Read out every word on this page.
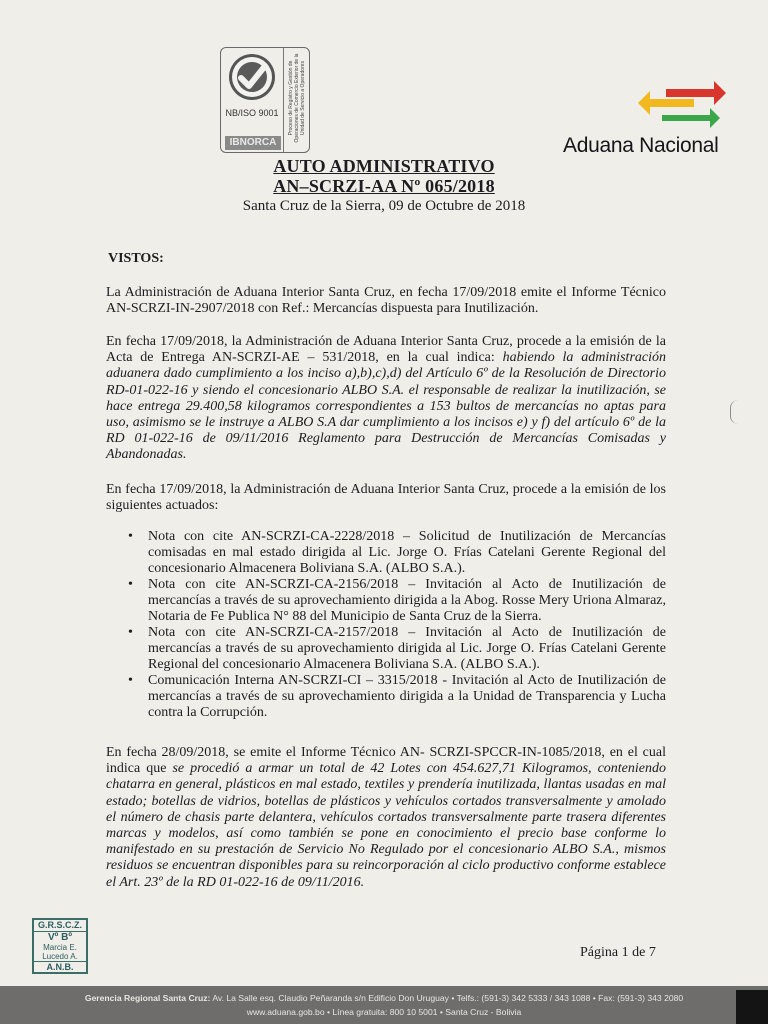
NB/ISO 9001
IBNORCA
Proceso de Registro y Gestión de Operaciones de Comercio Exterior de la Unidad de Servicio a Operadores
Aduana Nacional
AUTO ADMINISTRATIVO
AN–SCRZI-AA Nº 065/2018
Santa Cruz de la Sierra, 09 de Octubre de 2018
VISTOS:
La Administración de Aduana Interior Santa Cruz, en fecha 17/09/2018 emite el Informe Técnico AN-SCRZI-IN-2907/2018 con Ref.: Mercancías dispuesta para Inutilización.
En fecha 17/09/2018, la Administración de Aduana Interior Santa Cruz, procede a la emisión de la Acta de Entrega AN-SCRZI-AE – 531/2018, en la cual indica: habiendo la administración aduanera dado cumplimiento a los inciso a),b),c),d) del Artículo 6º de la Resolución de Directorio RD-01-022-16 y siendo el concesionario ALBO S.A. el responsable de realizar la inutilización, se hace entrega 29.400,58 kilogramos correspondientes a 153 bultos de mercancías no aptas para uso, asimismo se le instruye a ALBO S.A dar cumplimiento a los incisos e) y f) del artículo 6º de la RD 01-022-16 de 09/11/2016 Reglamento para Destrucción de Mercancías Comisadas y Abandonadas.
En fecha 17/09/2018, la Administración de Aduana Interior Santa Cruz, procede a la emisión de los siguientes actuados:
• Nota con cite AN-SCRZI-CA-2228/2018 – Solicitud de Inutilización de Mercancías comisadas en mal estado dirigida al Lic. Jorge O. Frías Catelani Gerente Regional del concesionario Almacenera Boliviana S.A. (ALBO S.A.).
• Nota con cite AN-SCRZI-CA-2156/2018 – Invitación al Acto de Inutilización de mercancías a través de su aprovechamiento dirigida a la Abog. Rosse Mery Uriona Almaraz, Notaria de Fe Publica N° 88 del Municipio de Santa Cruz de la Sierra.
• Nota con cite AN-SCRZI-CA-2157/2018 – Invitación al Acto de Inutilización de mercancías a través de su aprovechamiento dirigida al Lic. Jorge O. Frías Catelani Gerente Regional del concesionario Almacenera Boliviana S.A. (ALBO S.A.).
• Comunicación Interna AN-SCRZI-CI – 3315/2018 - Invitación al Acto de Inutilización de mercancías a través de su aprovechamiento dirigida a la Unidad de Transparencia y Lucha contra la Corrupción.
En fecha 28/09/2018, se emite el Informe Técnico AN- SCRZI-SPCCR-IN-1085/2018, en el cual indica que se procedió a armar un total de 42 Lotes con 454.627,71 Kilogramos, conteniendo chatarra en general, plásticos en mal estado, textiles y prendería inutilizada, llantas usadas en mal estado; botellas de vidrios, botellas de plásticos y vehículos cortados transversalmente y amolado el número de chasis parte delantera, vehículos cortados transversalmente parte trasera diferentes marcas y modelos, así como también se pone en conocimiento el precio base conforme lo manifestado en su prestación de Servicio No Regulado por el concesionario ALBO S.A., mismos residuos se encuentran disponibles para su reincorporación al ciclo productivo conforme establece el Art. 23º de la RD 01-022-16 de 09/11/2016.
G.R.S.C.Z.
Vº Bº
Marcia E.
Lucedo A.
A.N.B.
Página 1 de 7
Gerencia Regional Santa Cruz: Av. La Salle esq. Claudio Peñaranda s/n Edificio Don Uruguay • Telfs.: (591-3) 342 5333 / 343 1088 • Fax: (591-3) 343 2080
www.aduana.gob.bo • Línea gratuita: 800 10 5001 • Santa Cruz - Bolivia
